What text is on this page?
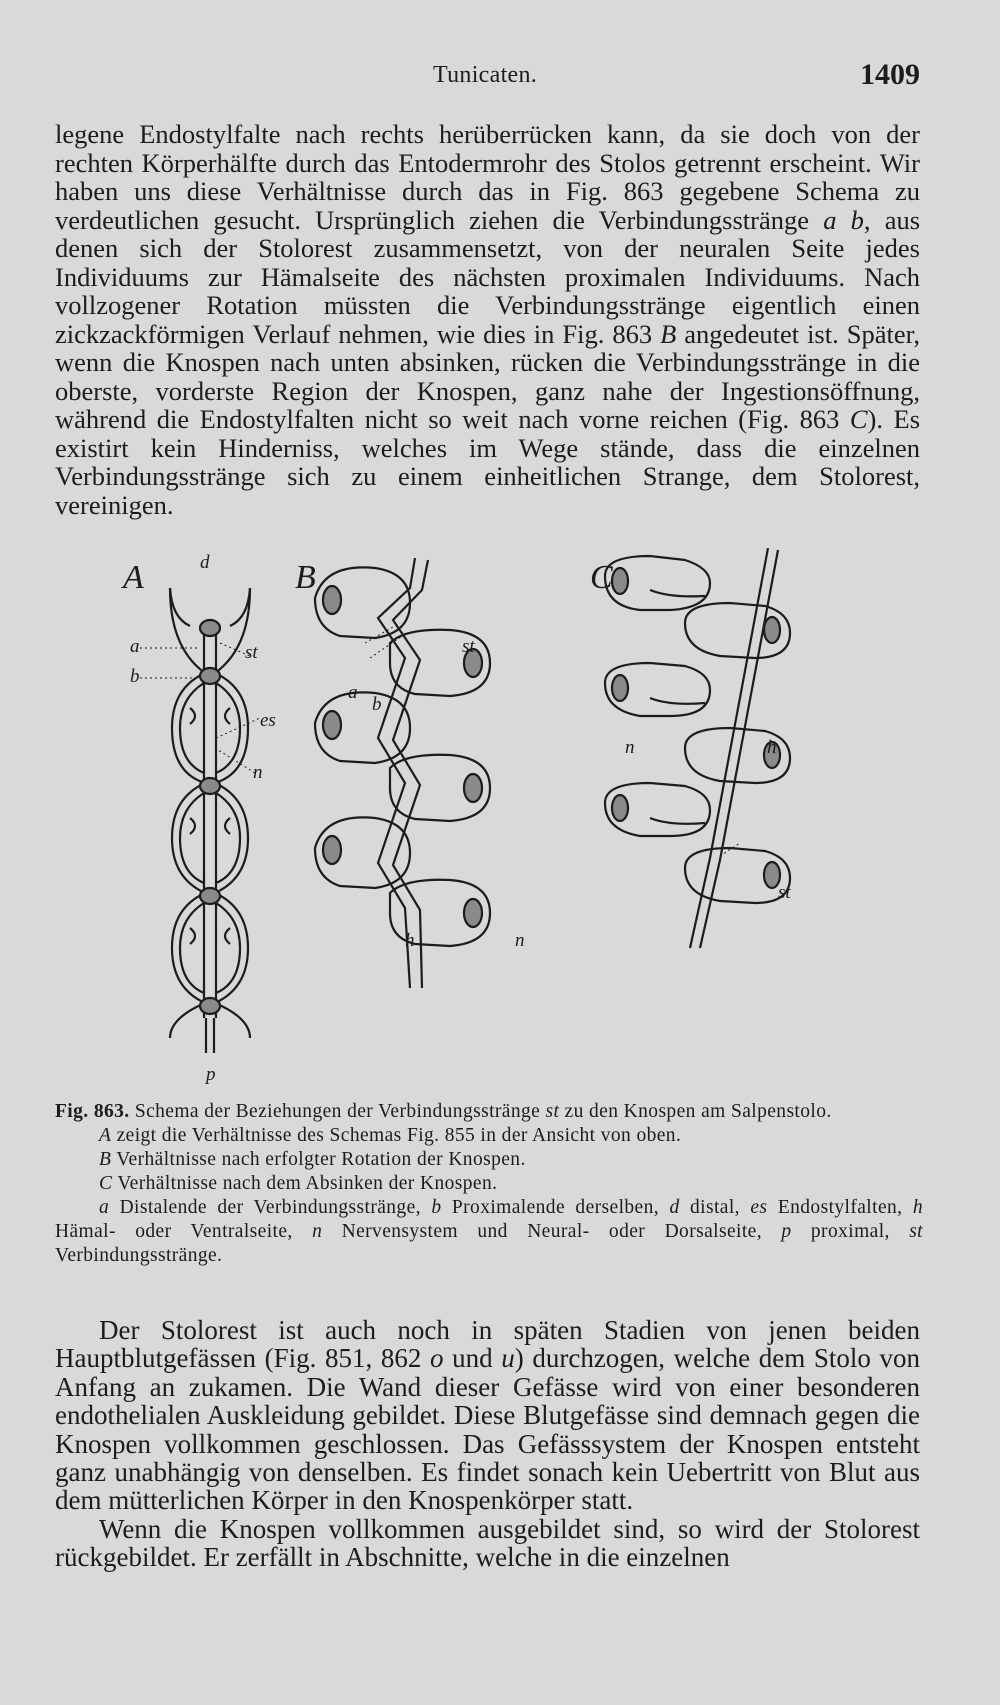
Tunicaten.	1409

legene Endostylfalte nach rechts herüberrücken kann, da sie doch von der rechten Körperhälfte durch das Entodermrohr des Stolos getrennt erscheint. Wir haben uns diese Verhältnisse durch das in Fig. 863 gegebene Schema zu verdeutlichen gesucht. Ursprünglich ziehen die Verbindungsstränge a b, aus denen sich der Stolorest zusammensetzt, von der neuralen Seite jedes Individuums zur Hämalseite des nächsten proximalen Individuums. Nach vollzogener Rotation müssten die Verbindungsstränge eigentlich einen zickzackförmigen Verlauf nehmen, wie dies in Fig. 863 B angedeutet ist. Später, wenn die Knospen nach unten absinken, rücken die Verbindungsstränge in die oberste, vorderste Region der Knospen, ganz nahe der Ingestionsöffnung, während die Endostylfalten nicht so weit nach vorne reichen (Fig. 863 C). Es existirt kein Hinderniss, welches im Wege stände, dass die einzelnen Verbindungsstränge sich zu einem einheitlichen Strange, dem Stolorest, vereinigen.

A	B	C
d
a
b
st
es
n
p
st
a
b
h	n
n	h
st

Fig. 863. Schema der Beziehungen der Verbindungsstränge st zu den Knospen am Salpenstolo.

A zeigt die Verhältnisse des Schemas Fig. 855 in der Ansicht von oben.

B Verhältnisse nach erfolgter Rotation der Knospen.

C Verhältnisse nach dem Absinken der Knospen.

a Distalende der Verbindungsstränge, b Proximalende derselben, d distal, es Endostylfalten, h Hämal- oder Ventralseite, n Nervensystem und Neural- oder Dorsalseite, p proximal, st Verbindungsstränge.

Der Stolorest ist auch noch in späten Stadien von jenen beiden Hauptblutgefässen (Fig. 851, 862 o und u) durchzogen, welche dem Stolo von Anfang an zukamen. Die Wand dieser Gefässe wird von einer besonderen endothelialen Auskleidung gebildet. Diese Blutgefässe sind demnach gegen die Knospen vollkommen geschlossen. Das Gefässsystem der Knospen entsteht ganz unabhängig von denselben. Es findet sonach kein Uebertritt von Blut aus dem mütterlichen Körper in den Knospenkörper statt.

Wenn die Knospen vollkommen ausgebildet sind, so wird der Stolorest rückgebildet. Er zerfällt in Abschnitte, welche in die einzelnen
